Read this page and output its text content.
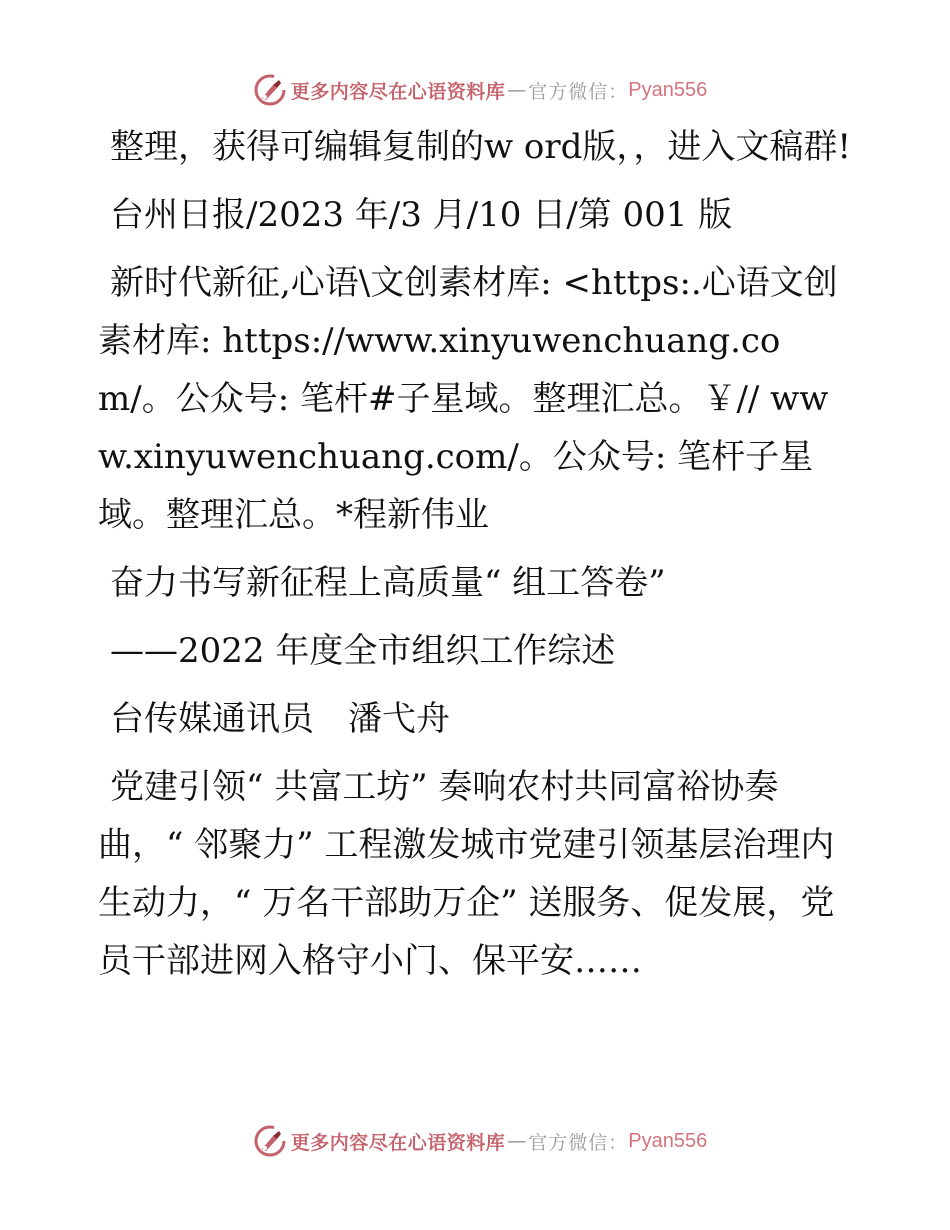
更多内容尽在心语资料库 — 官方微信： Pyan556

整理，获得可编辑复制的w ord版，，进入文稿群!

台州日报/2023 年/3 月/10 日/第 001 版

新时代新征,心语\文创素材库: <https:.心语文创素材库: https://www.xinyuwenchuang.com/。公众号: 笔杆#子星域。整理汇总。￥// www.xinyuwenchuang.com/。公众号: 笔杆子星域。整理汇总。*程新伟业

奋力书写新征程上高质量“ 组工答卷”

——2022 年度全市组织工作综述

台传媒通讯员　潘弋舟

党建引领“ 共富工坊” 奏响农村共同富裕协奏曲，“ 邻聚力” 工程激发城市党建引领基层治理内生动力，“ 万名干部助万企” 送服务、促发展，党员干部进网入格守小门、保平安……

更多内容尽在心语资料库 — 官方微信： Pyan556
